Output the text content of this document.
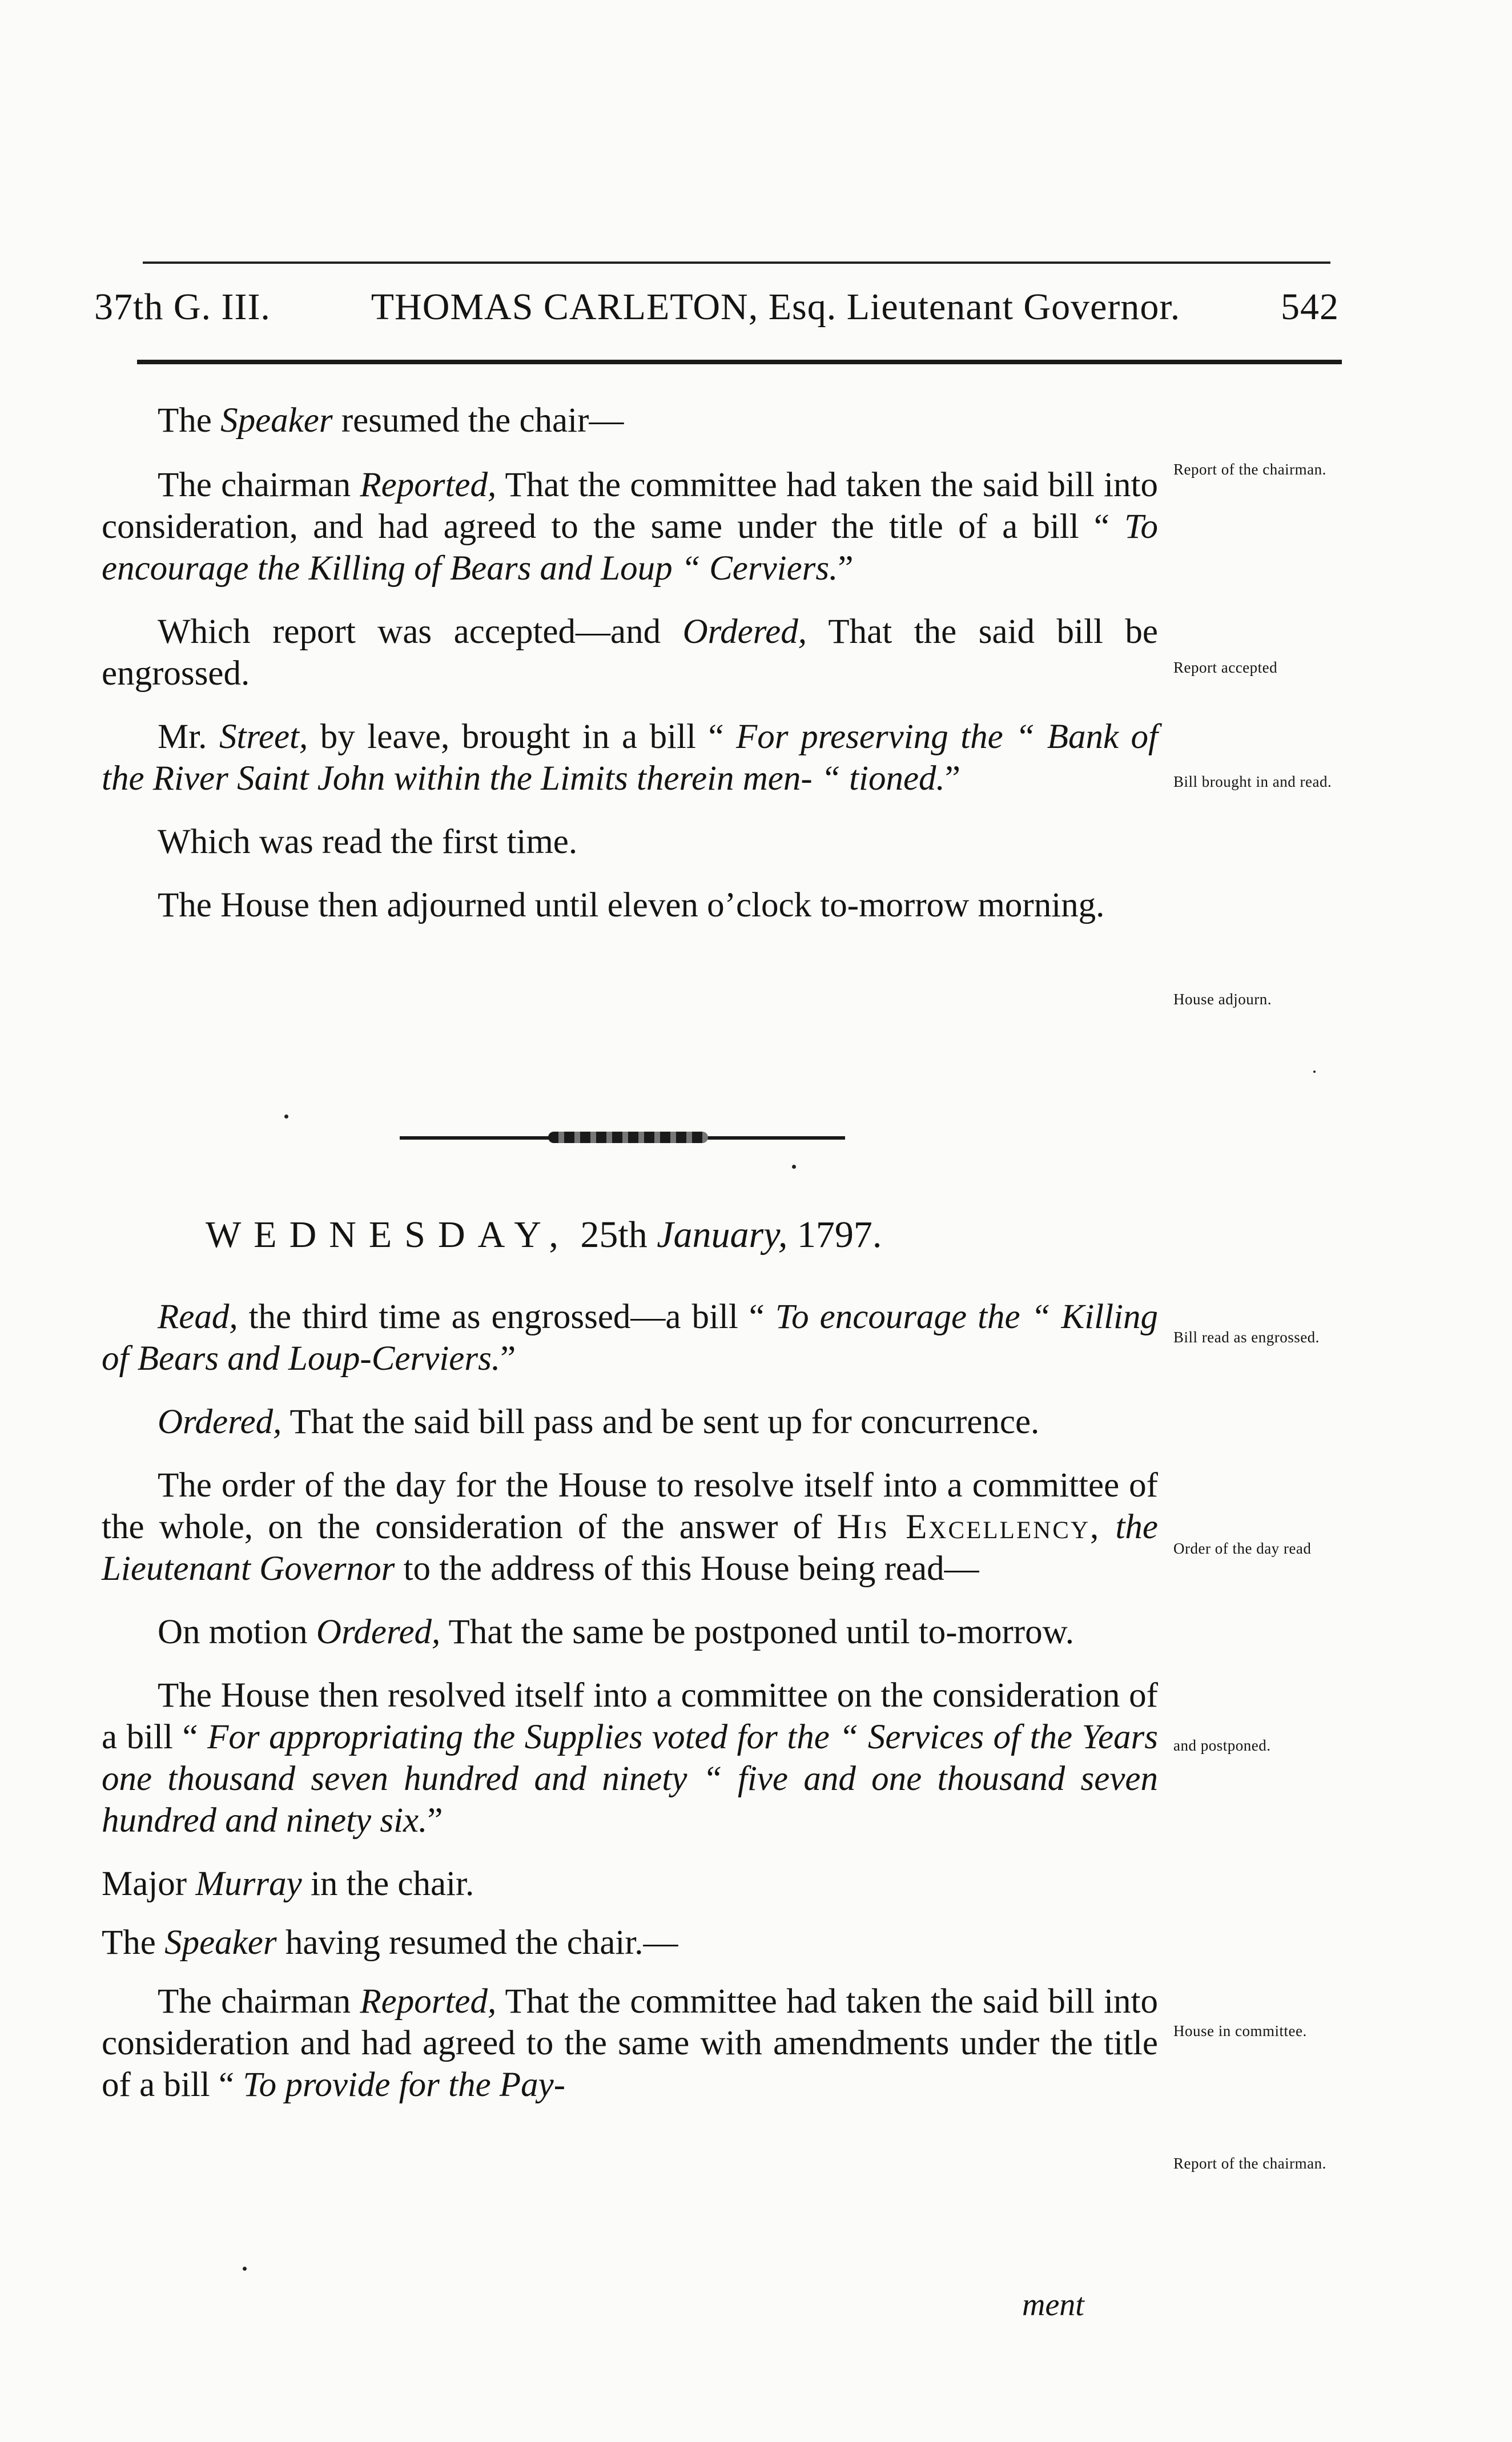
37th G. III.	THOMAS CARLETON, Esq. Lieutenant Governor.	542

The Speaker resumed the chair—

The chairman Reported, That the committee had taken the said bill into consideration, and had agreed to the same under the title of a bill “ To encourage the Killing of Bears and Loup “ Cerviers.”

Which report was accepted—and Ordered, That the said bill be engrossed.

Mr. Street, by leave, brought in a bill “ For preserving the “ Bank of the River Saint John within the Limits therein men- “ tioned.”

Which was read the first time.

The House then adjourned until eleven o’clock to-morrow morning.

Report of the chairman.
Report accepted
Bill brought in and read.
House adjourn.
WEDNESDAY, 25th January, 1797.

Read, the third time as engrossed—a bill “ To encourage the “ Killing of Bears and Loup-Cerviers.”

Ordered, That the said bill pass and be sent up for concurrence.

The order of the day for the House to resolve itself into a committee of the whole, on the consideration of the answer of His Excellency, the Lieutenant Governor to the address of this House being read—

On motion Ordered, That the same be postponed until to-morrow.

The House then resolved itself into a committee on the consideration of a bill “ For appropriating the Supplies voted for the “ Services of the Years one thousand seven hundred and ninety “ five and one thousand seven hundred and ninety six.”

Major Murray in the chair.

The Speaker having resumed the chair.—

The chairman Reported, That the committee had taken the said bill into consideration and had agreed to the same with amendments under the title of a bill “ To provide for the Pay-

Bill read as engrossed.
Order of the day read
and postponed.
House in committee.
Report of the chairman.
ment
